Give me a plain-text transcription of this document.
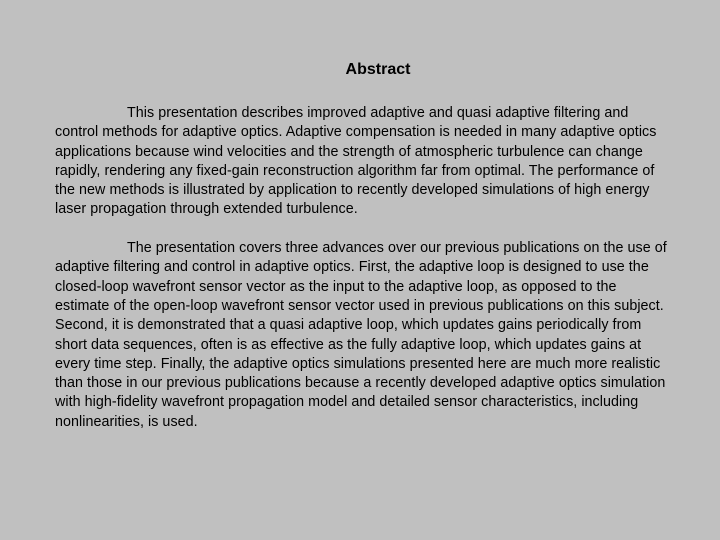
Abstract

This presentation describes improved adaptive and quasi adaptive filtering and control methods for adaptive optics. Adaptive compensation is needed in many adaptive optics applications because wind velocities and the strength of atmospheric turbulence can change rapidly, rendering any fixed-gain reconstruction algorithm far from optimal. The performance of the new methods is illustrated by application to recently developed simulations of high energy laser propagation through extended turbulence.

The presentation covers three advances over our previous publications on the use of adaptive filtering and control in adaptive optics. First, the adaptive loop is designed to use the closed-loop wavefront sensor vector as the input to the adaptive loop, as opposed to the estimate of the open-loop wavefront sensor vector used in previous publications on this subject. Second, it is demonstrated that a quasi adaptive loop, which updates gains periodically from short data sequences, often is as effective as the fully adaptive loop, which updates gains at every time step. Finally, the adaptive optics simulations presented here are much more realistic than those in our previous publications because a recently developed adaptive optics simulation with high-fidelity wavefront propagation model and detailed sensor characteristics, including nonlinearities, is used.
